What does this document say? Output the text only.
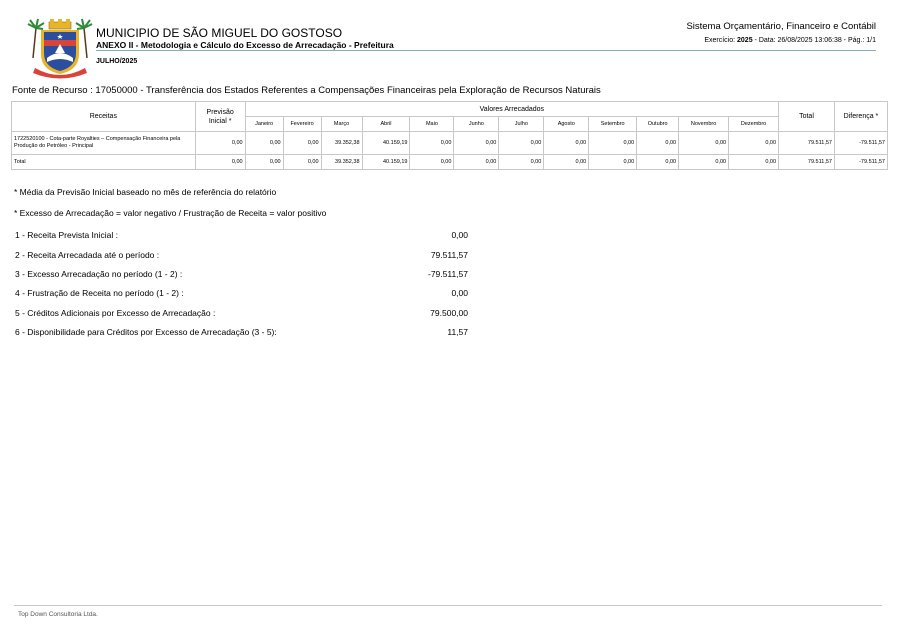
MUNICIPIO DE SÃO MIGUEL DO GOSTOSO
ANEXO II - Metodologia e Cálculo do Excesso de Arrecadação - Prefeitura
JULHO/2025
Sistema Orçamentário, Financeiro e Contábil
Exercício: 2025 - Data: 26/08/2025 13:06:38 - Pág.: 1/1
Fonte de Recurso : 17050000 - Transferência dos Estados Referentes a Compensações Financeiras pela Exploração de Recursos Naturais
Receitas	Previsão Inicial *	Valores Arrecadados												Total	Diferença *
		Janeiro	Fevereiro	Março	Abril	Maio	Junho	Julho	Agosto	Setembro	Outubro	Novembro	Dezembro		
1722520100 - Cota-parte Royalties – Compensação Financeira pela Produção do Petróleo - Principal	0,00	0,00	0,00	39.352,38	40.159,19	0,00	0,00	0,00	0,00	0,00	0,00	0,00	0,00	79.511,57	-79.511,57
Total	0,00	0,00	0,00	39.352,38	40.159,19	0,00	0,00	0,00	0,00	0,00	0,00	0,00	0,00	79.511,57	-79.511,57
* Média da Previsão Inicial baseado no mês de referência do relatório
* Excesso de Arrecadação = valor negativo / Frustração de Receita = valor positivo
1 - Receita Prevista Inicial :	0,00
2 - Receita Arrecadada até o período :	79.511,57
3 - Excesso Arrecadação no período (1 - 2) :	-79.511,57
4 - Frustração de Receita no período (1 - 2) :	0,00
5 - Créditos Adicionais por Excesso de Arrecadação :	79.500,00
6 - Disponibilidade para Créditos por Excesso de Arrecadação (3 - 5):	11,57
Top Down Consultoria Ltda.
